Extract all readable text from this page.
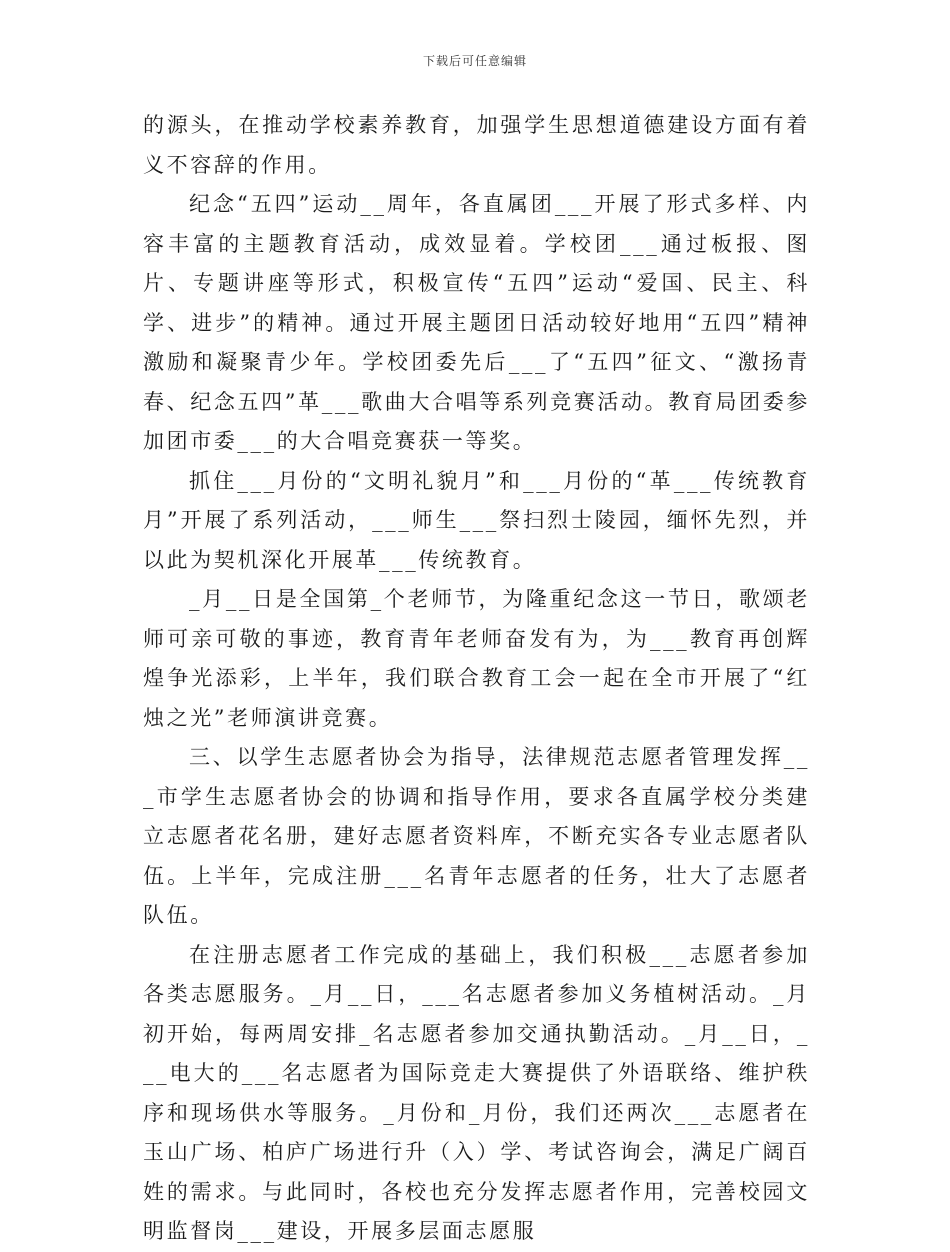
下载后可任意编辑

的源头，在推动学校素养教育，加强学生思想道德建设方面有着义不容辞的作用。

纪念“五四”运动__周年，各直属团___开展了形式多样、内容丰富的主题教育活动，成效显着。学校团___通过板报、图片、专题讲座等形式，积极宣传“五四”运动“爱国、民主、科学、进步”的精神。通过开展主题团日活动较好地用“五四”精神激励和凝聚青少年。学校团委先后___了“五四”征文、“激扬青春、纪念五四”革___歌曲大合唱等系列竞赛活动。教育局团委参加团市委___的大合唱竞赛获一等奖。

抓住___月份的“文明礼貌月”和___月份的“革___传统教育月”开展了系列活动，___师生___祭扫烈士陵园，缅怀先烈，并以此为契机深化开展革___传统教育。

_月__日是全国第_个老师节，为隆重纪念这一节日，歌颂老师可亲可敬的事迹，教育青年老师奋发有为，为___教育再创辉煌争光添彩，上半年，我们联合教育工会一起在全市开展了“红烛之光”老师演讲竞赛。

三、以学生志愿者协会为指导，法律规范志愿者管理发挥___市学生志愿者协会的协调和指导作用，要求各直属学校分类建立志愿者花名册，建好志愿者资料库，不断充实各专业志愿者队伍。上半年，完成注册___名青年志愿者的任务，壮大了志愿者队伍。

在注册志愿者工作完成的基础上，我们积极___志愿者参加各类志愿服务。_月__日，___名志愿者参加义务植树活动。_月初开始，每两周安排_名志愿者参加交通执勤活动。_月__日，___电大的___名志愿者为国际竞走大赛提供了外语联络、维护秩序和现场供水等服务。_月份和_月份，我们还两次___志愿者在玉山广场、柏庐广场进行升（入）学、考试咨询会，满足广阔百姓的需求。与此同时，各校也充分发挥志愿者作用，完善校园文明监督岗___建设，开展多层面志愿服
